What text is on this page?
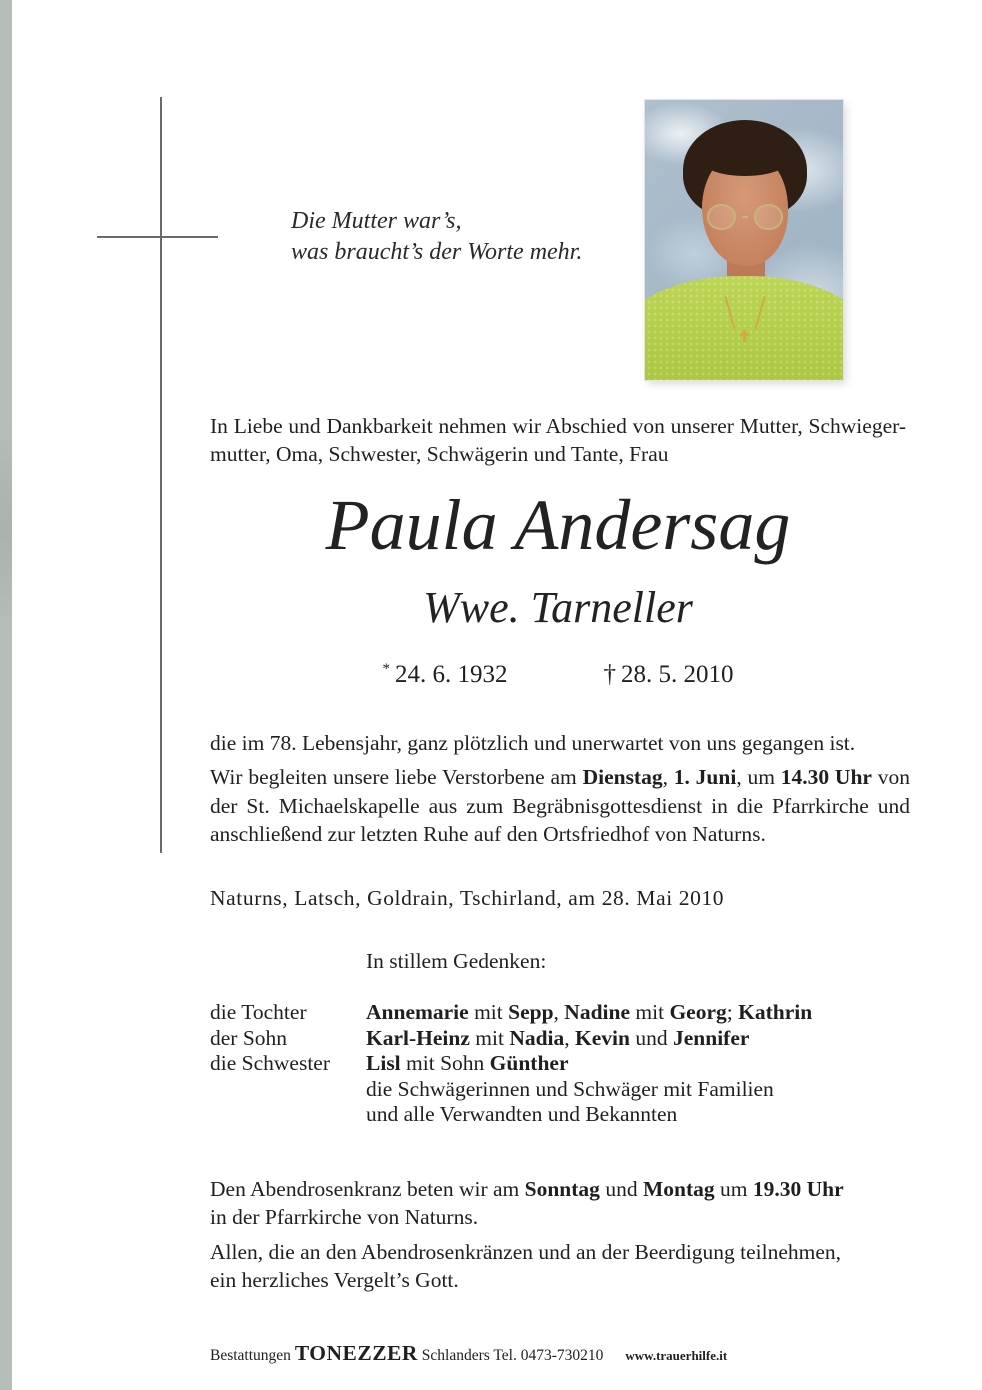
Die Mutter war’s,
was braucht’s der Worte mehr.
In Liebe und Dankbarkeit nehmen wir Abschied von unserer Mutter, Schwieger-
mutter, Oma, Schwester, Schwägerin und Tante, Frau
Paula Andersag
Wwe. Tarneller
* 24. 6. 1932	† 28. 5. 2010

die im 78. Lebensjahr, ganz plötzlich und unerwartet von uns gegangen ist.

Wir begleiten unsere liebe Verstorbene am Dienstag, 1. Juni, um 14.30 Uhr von der St. Michaelskapelle aus zum Begräbnisgottesdienst in die Pfarrkirche und anschließend zur letzten Ruhe auf den Ortsfriedhof von Naturns.

Naturns, Latsch, Goldrain, Tschirland, am 28. Mai 2010

In stillem Gedenken:

die Tochter	Annemarie mit Sepp, Nadine mit Georg; Kathrin
der Sohn	Karl-Heinz mit Nadia, Kevin und Jennifer
die Schwester	Lisl mit Sohn Günther
die Schwägerinnen und Schwäger mit Familien
und alle Verwandten und Bekannten

Den Abendrosenkranz beten wir am Sonntag und Montag um 19.30 Uhr
in der Pfarrkirche von Naturns.

Allen, die an den Abendrosenkränzen und an der Beerdigung teilnehmen,
ein herzliches Vergelt’s Gott.

Bestattungen TONEZZER Schlanders Tel. 0473-730210 www.trauerhilfe.it
